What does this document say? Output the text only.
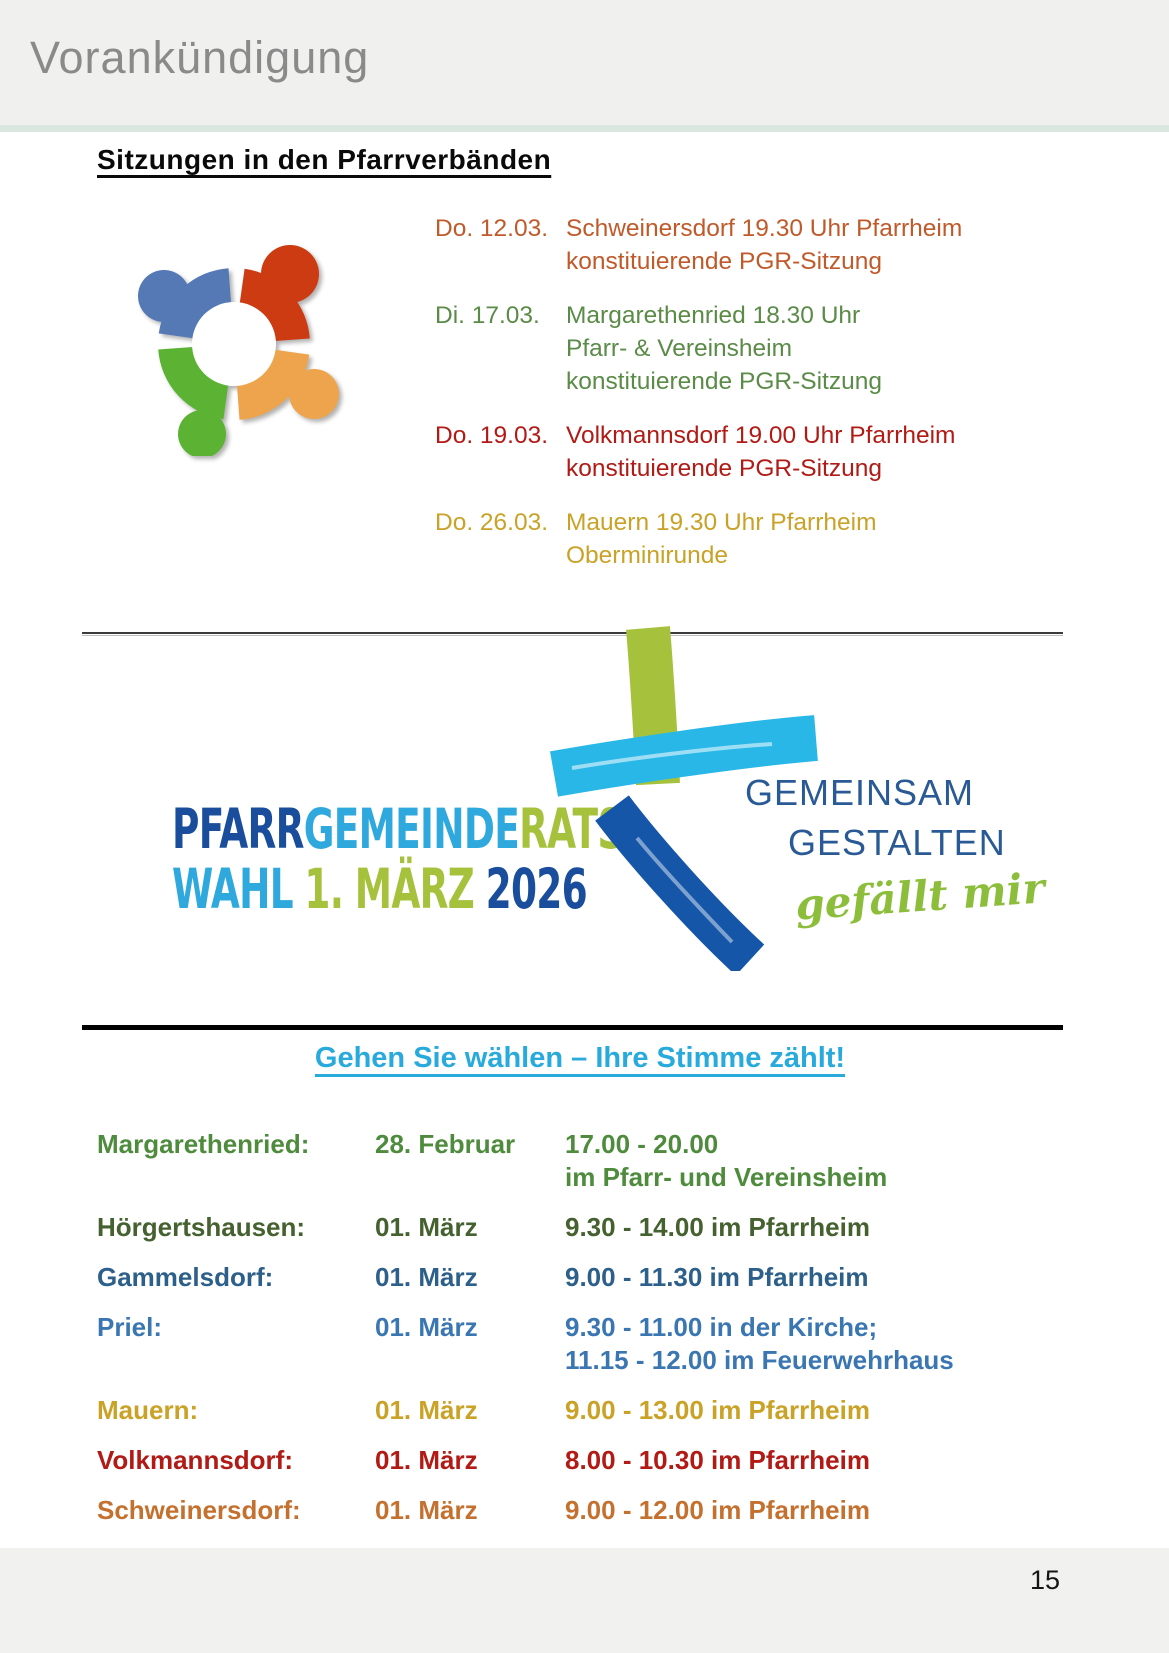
Vorankündigung
Sitzungen in den Pfarrverbänden
Do. 12.03. Schweinersdorf 19.30 Uhr Pfarrheim
konstituierende PGR-Sitzung
Di. 17.03.	Margarethenried 18.30 Uhr
Pfarr- & Vereinsheim
konstituierende PGR-Sitzung
Do. 19.03. Volkmannsdorf 19.00 Uhr Pfarrheim
konstituierende PGR-Sitzung
Do. 26.03. Mauern 19.30 Uhr Pfarrheim
Oberminirunde
PFARR GEMEINDE RATS-
WAHL 1. MÄRZ 2026
GEMEINSAM
GESTALTEN
gefällt mir
Gehen Sie wählen – Ihre Stimme zählt!
Margarethenried:	28. Februar	17.00 - 20.00
im Pfarr- und Vereinsheim
Hörgertshausen:	01. März	9.30 - 14.00 im Pfarrheim
Gammelsdorf:	01. März	9.00 - 11.30 im Pfarrheim
Priel:	01. März	9.30 - 11.00 in der Kirche;
11.15 - 12.00 im Feuerwehrhaus
Mauern:	01. März	9.00 - 13.00 im Pfarrheim
Volkmannsdorf:	01. März	8.00 - 10.30 im Pfarrheim
Schweinersdorf:	01. März	9.00 - 12.00 im Pfarrheim
15
